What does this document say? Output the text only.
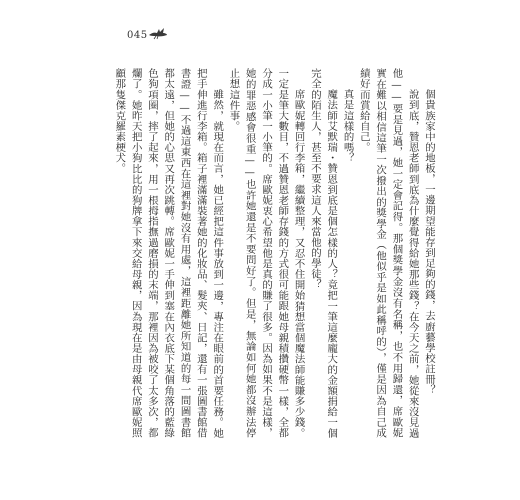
045

個貴族家中的地板，一邊期望能存到足夠的錢，去廚藝學校註冊？

說到底，贊恩老師到底為什麼覺得給她那些錢？在今天之前，她從來沒見過他——要是見過，她一定會記得。那個獎學金沒有名稱，也不用歸還，席歐妮實在難以相信這筆一次撥出的獎學金（他似乎是如此稱呼的），僅是因為自己成績好而賞給自己。

真是這樣的嗎？

魔法師艾默瑞・贊恩到底是個怎樣的人？竟把一筆這麼龐大的金額捐給一個完全的陌生人，甚至不要求這人來當他的學徒？

席歐妮轉回行李箱，繼續整理，又忍不住開始猜想當個魔法師能賺多少錢。一定是筆大數目，不過贊恩老師存錢的方式很可能跟她母親積攢硬幣一樣，全都分成一小筆一小筆的。席歐妮衷心希望他是真的賺了很多。因為如果不是這樣，她的罪惡感會很重——也許她還是不要問好了。但是，無論如何她都沒辦法停止想這件事。

雖然，就現在而言，她已經把這件事放到一邊，專注在眼前的首要任務。她把手伸進行李箱。箱子裡滿滿裝著她的化妝品、髮夾、日記，還有一張圖書館借書證——不過這東西在這裡對她沒有用處，這裡距離她所知道的每一間圖書館都太遠，但她的心思又再次跳轉。席歐妮一手伸到塞在內衣底下某個角落的藍綠色狗項圈，摔了起來，用一根拇指撫過磨損的末端，那裡因為被咬了太多次，都爛了。她昨天把小狗比比的狗牌拿下來交給母親，因為現在是由母親代席歐妮照顧那隻傑克羅素梗犬。
